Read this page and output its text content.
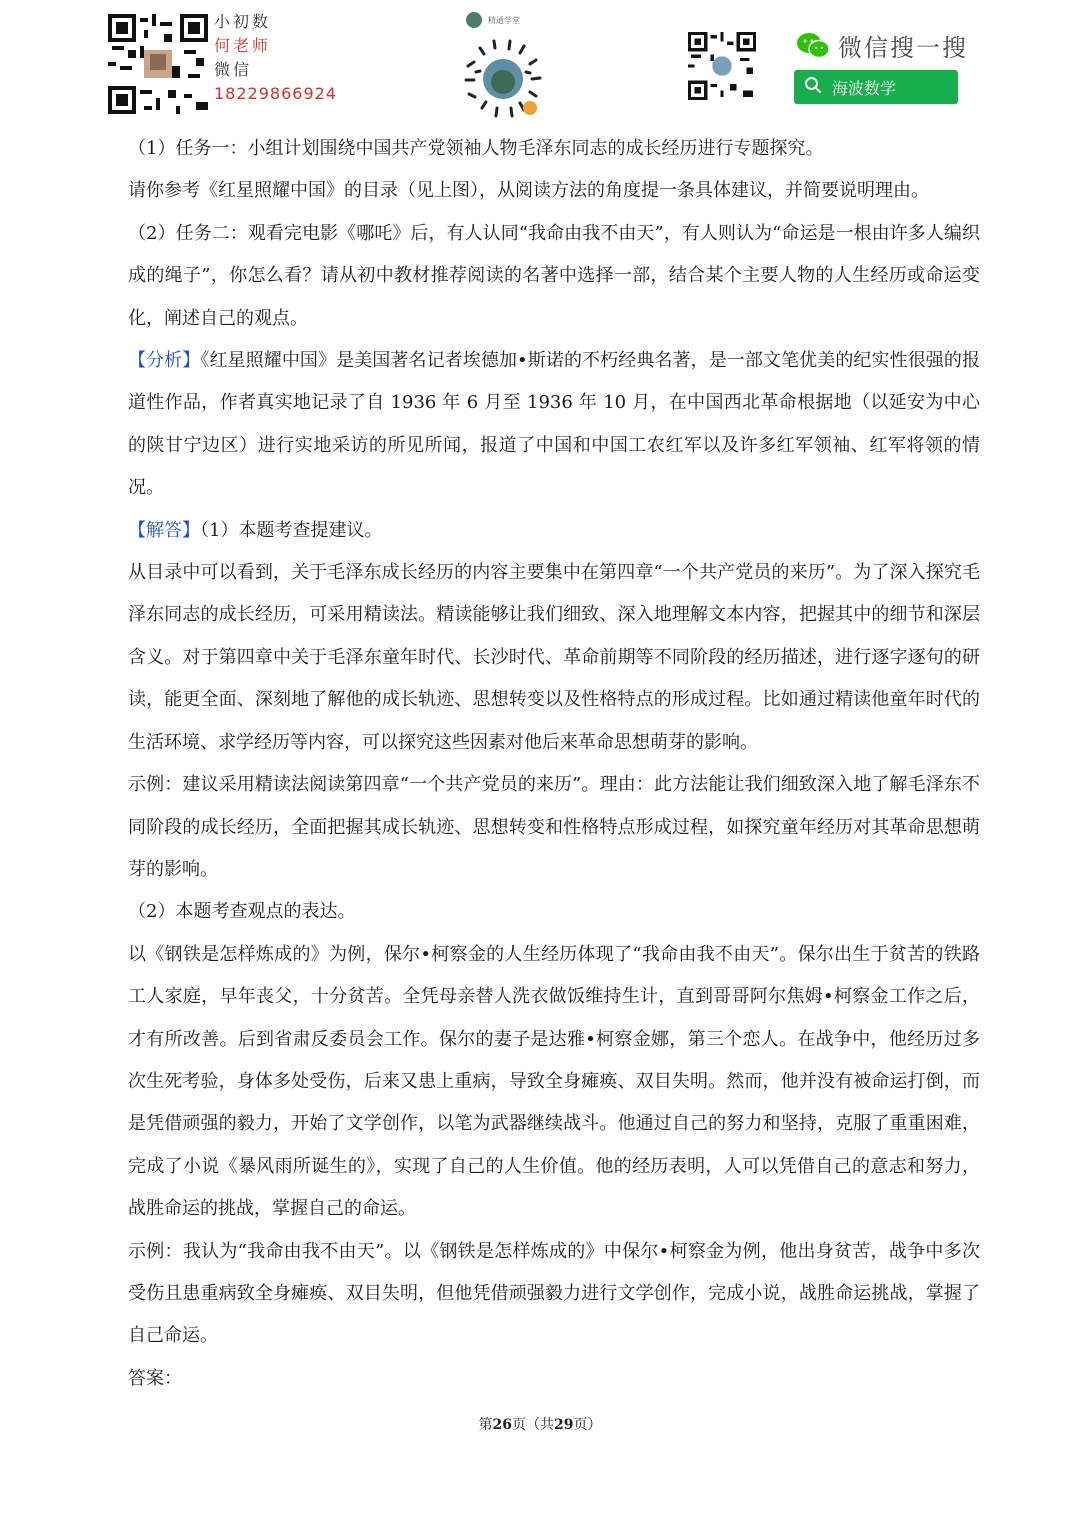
小初数
何老师
微信
18229866924
精通学堂
微信搜一搜
海波数学

（1）任务一：小组计划围绕中国共产党领袖人物毛泽东同志的成长经历进行专题探究。

请你参考《红星照耀中国》的目录（见上图），从阅读方法的角度提一条具体建议，并简要说明理由。

（2）任务二：观看完电影《哪吒》后，有人认同“我命由我不由天”，有人则认为“命运是一根由许多人编织成的绳子”，你怎么看？请从初中教材推荐阅读的名著中选择一部，结合某个主要人物的人生经历或命运变化，阐述自己的观点。

【分析】《红星照耀中国》是美国著名记者埃德加•斯诺的不朽经典名著，是一部文笔优美的纪实性很强的报道性作品，作者真实地记录了自 1936 年 6 月至 1936 年 10 月，在中国西北革命根据地（以延安为中心的陕甘宁边区）进行实地采访的所见所闻，报道了中国和中国工农红军以及许多红军领袖、红军将领的情况。

【解答】（1）本题考查提建议。

从目录中可以看到，关于毛泽东成长经历的内容主要集中在第四章“一个共产党员的来历”。为了深入探究毛泽东同志的成长经历，可采用精读法。精读能够让我们细致、深入地理解文本内容，把握其中的细节和深层含义。对于第四章中关于毛泽东童年时代、长沙时代、革命前期等不同阶段的经历描述，进行逐字逐句的研读，能更全面、深刻地了解他的成长轨迹、思想转变以及性格特点的形成过程。比如通过精读他童年时代的生活环境、求学经历等内容，可以探究这些因素对他后来革命思想萌芽的影响。

示例：建议采用精读法阅读第四章“一个共产党员的来历”。理由：此方法能让我们细致深入地了解毛泽东不同阶段的成长经历，全面把握其成长轨迹、思想转变和性格特点形成过程，如探究童年经历对其革命思想萌芽的影响。

（2）本题考查观点的表达。

以《钢铁是怎样炼成的》为例，保尔•柯察金的人生经历体现了“我命由我不由天”。保尔出生于贫苦的铁路工人家庭，早年丧父，十分贫苦。全凭母亲替人洗衣做饭维持生计，直到哥哥阿尔焦姆•柯察金工作之后，才有所改善。后到省肃反委员会工作。保尔的妻子是达雅•柯察金娜，第三个恋人。在战争中，他经历过多次生死考验，身体多处受伤，后来又患上重病，导致全身瘫痪、双目失明。然而，他并没有被命运打倒，而是凭借顽强的毅力，开始了文学创作，以笔为武器继续战斗。他通过自己的努力和坚持，克服了重重困难，完成了小说《暴风雨所诞生的》，实现了自己的人生价值。他的经历表明，人可以凭借自己的意志和努力，战胜命运的挑战，掌握自己的命运。

示例：我认为“我命由我不由天”。以《钢铁是怎样炼成的》中保尔•柯察金为例，他出身贫苦，战争中多次受伤且患重病致全身瘫痪、双目失明，但他凭借顽强毅力进行文学创作，完成小说，战胜命运挑战，掌握了自己命运。

答案：

第26页（共29页）
